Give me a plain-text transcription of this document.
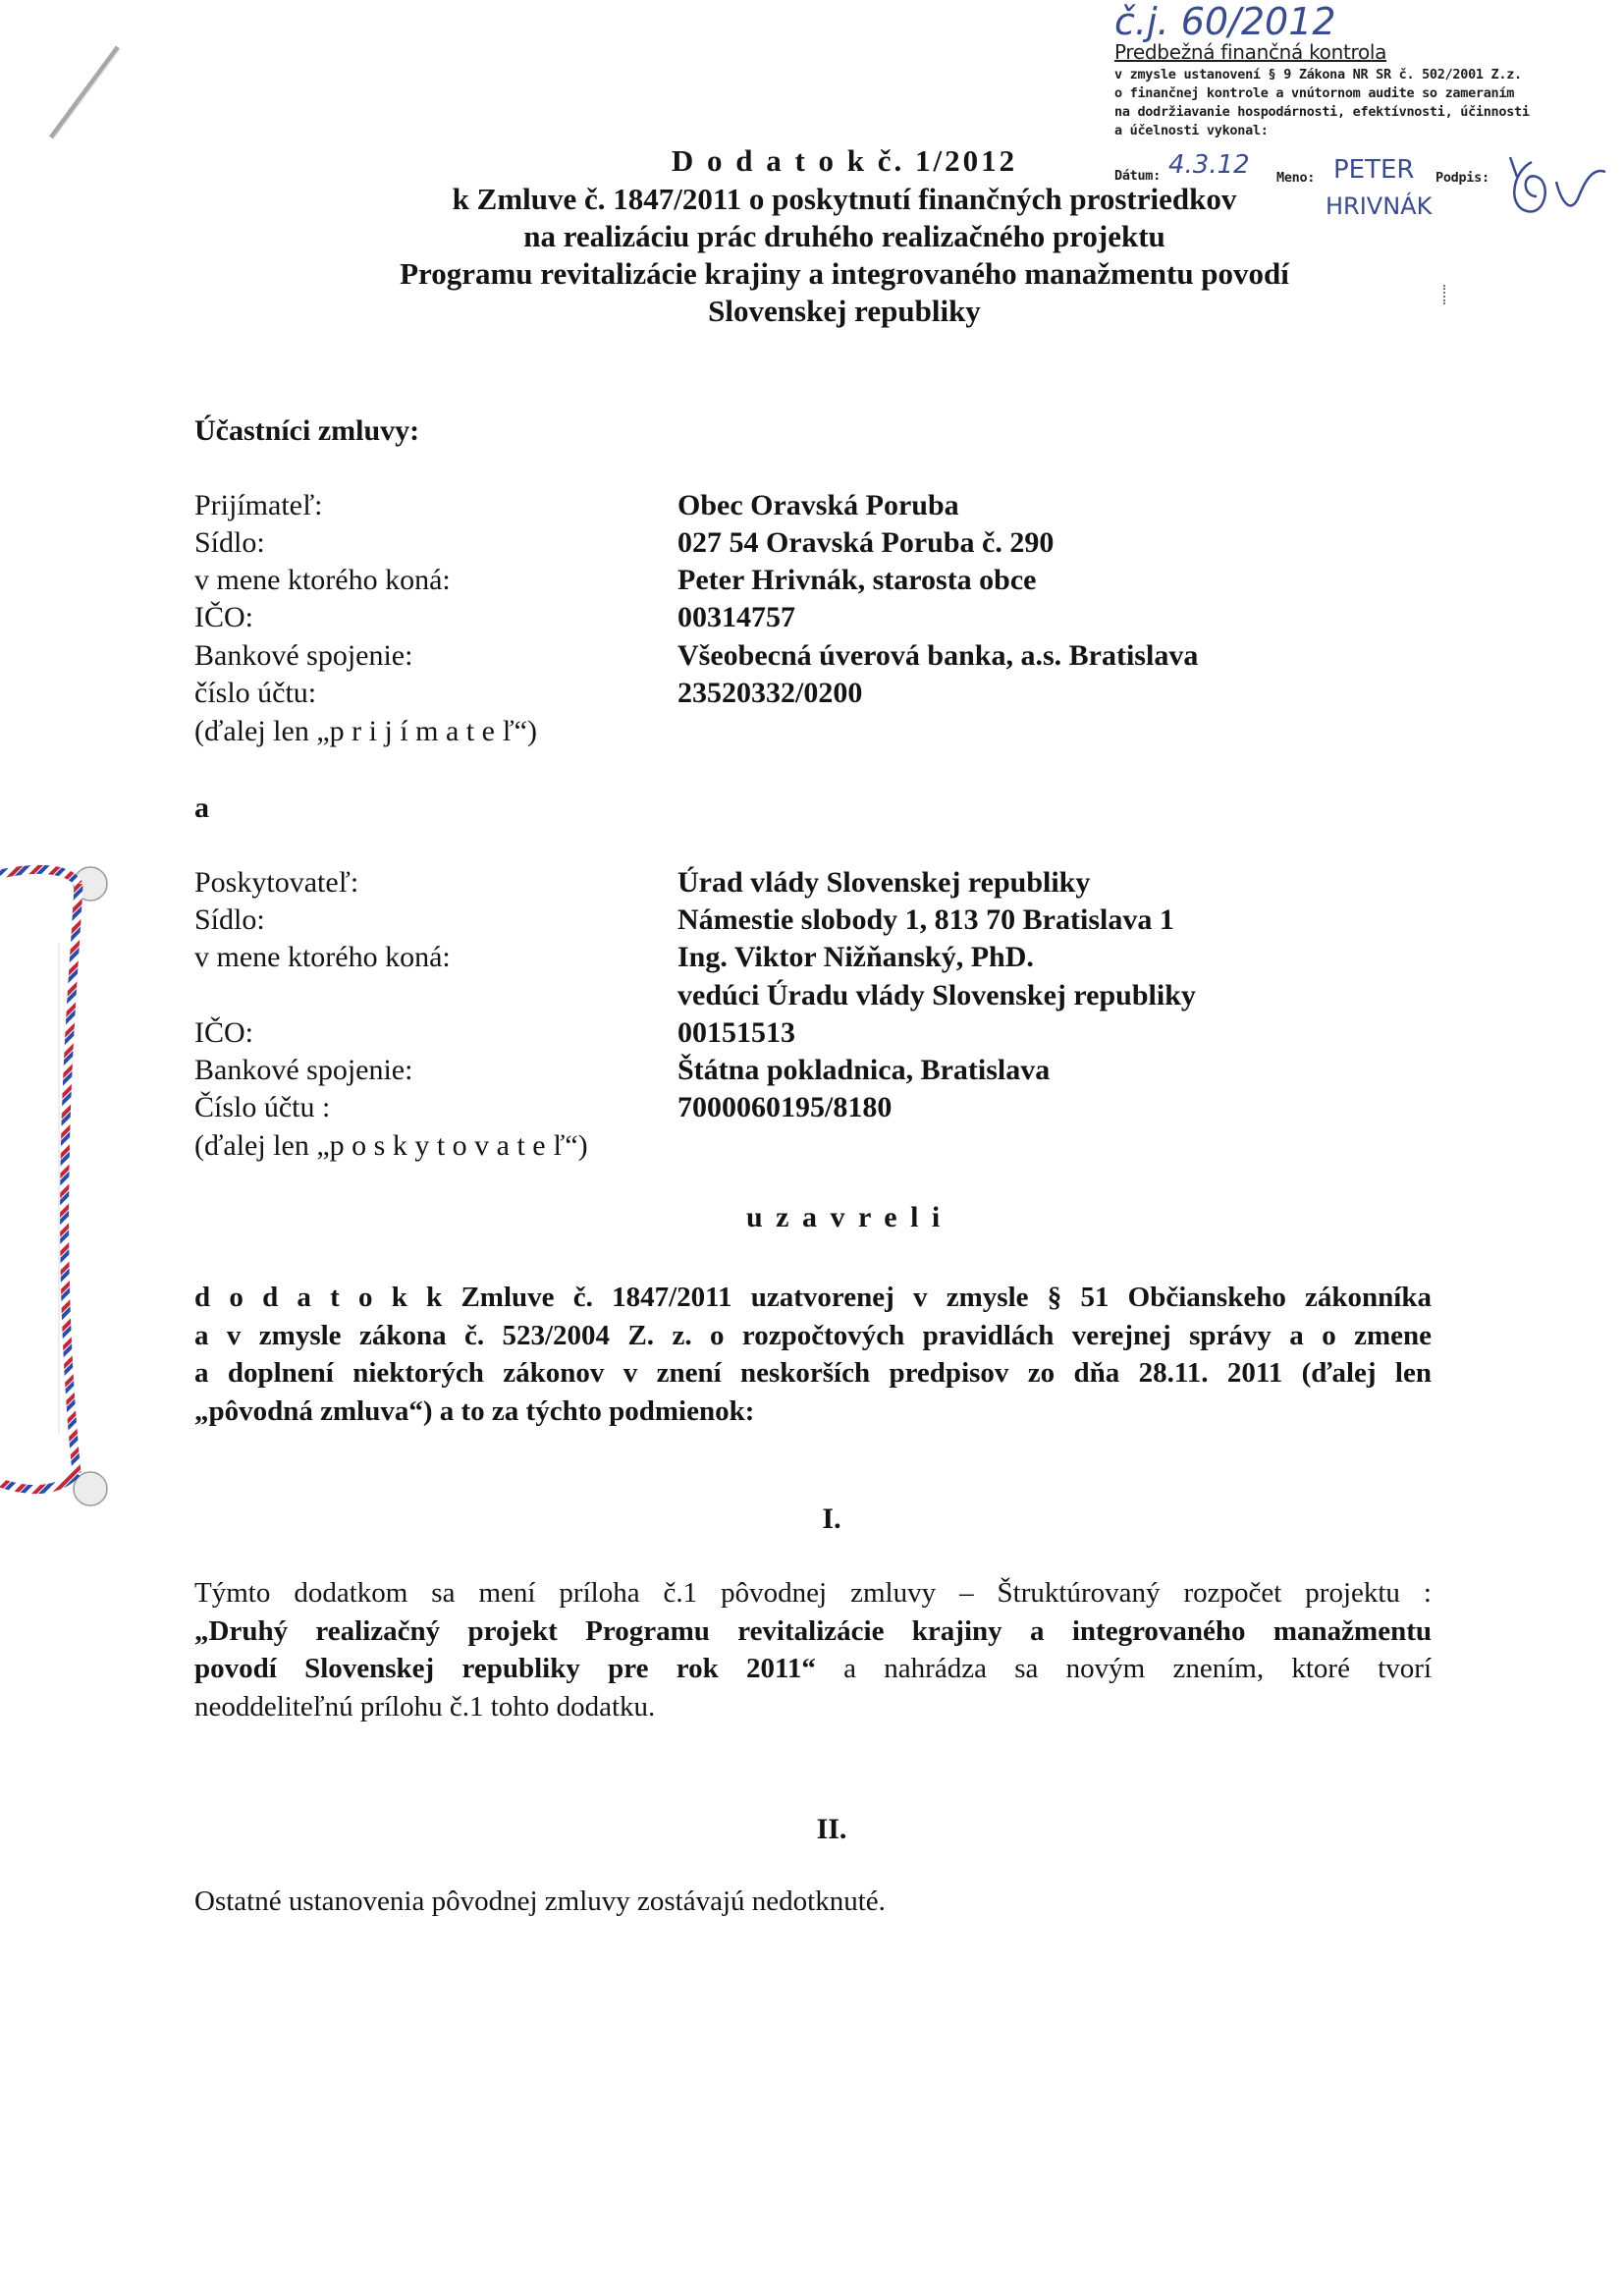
č.j. 60/2012
Predbežná finančná kontrola
v zmysle ustanovení § 9 Zákona NR SR č. 502/2001 Z.z.
o finančnej kontrole a vnútornom audite so zameraním
na dodržiavanie hospodárnosti, efektívnosti, účinnosti
a účelnosti vykonal:
Dátum: 4.3.12 Meno: PETER
HRIVNÁK
Podpis:
D o d a t o k č. 1/2012
k Zmluve č. 1847/2011 o poskytnutí finančných prostriedkov
na realizáciu prác druhého realizačného projektu
Programu revitalizácie krajiny a integrovaného manažmentu povodí
Slovenskej republiky
Účastníci zmluvy:
Prijímateľ:
Sídlo:
v mene ktorého koná:
IČO:
Bankové spojenie:
číslo účtu:
(ďalej len „p r i j í m a t e ľ“)
Obec Oravská Poruba
027 54 Oravská Poruba č. 290
Peter Hrivnák, starosta obce
00314757
Všeobecná úverová banka, a.s. Bratislava
23520332/0200
a
Poskytovateľ:
Sídlo:
v mene ktorého koná:
IČO:
Bankové spojenie:
Číslo účtu :
(ďalej len „p o s k y t o v a t e ľ“)
Úrad vlády Slovenskej republiky
Námestie slobody 1, 813 70 Bratislava 1
Ing. Viktor Nižňanský, PhD.
vedúci Úradu vlády Slovenskej republiky
00151513
Štátna pokladnica, Bratislava
7000060195/8180
u z a v r e l i
d o d a t o k k Zmluve č. 1847/2011 uzatvorenej v zmysle § 51 Občianskeho zákonníka
a v zmysle zákona č. 523/2004 Z. z. o rozpočtových pravidlách verejnej správy a o zmene
a doplnení niektorých zákonov v znení neskorších predpisov zo dňa 28.11. 2011 (ďalej len
„pôvodná zmluva“) a to za týchto podmienok:
I.
Týmto dodatkom sa mení príloha č.1 pôvodnej zmluvy – Štruktúrovaný rozpočet projektu :
„Druhý realizačný projekt Programu revitalizácie krajiny a integrovaného manažmentu
povodí Slovenskej republiky pre rok 2011“ a nahrádza sa novým znením, ktoré tvorí
neoddeliteľnú prílohu č.1 tohto dodatku.
II.
Ostatné ustanovenia pôvodnej zmluvy zostávajú nedotknuté.
